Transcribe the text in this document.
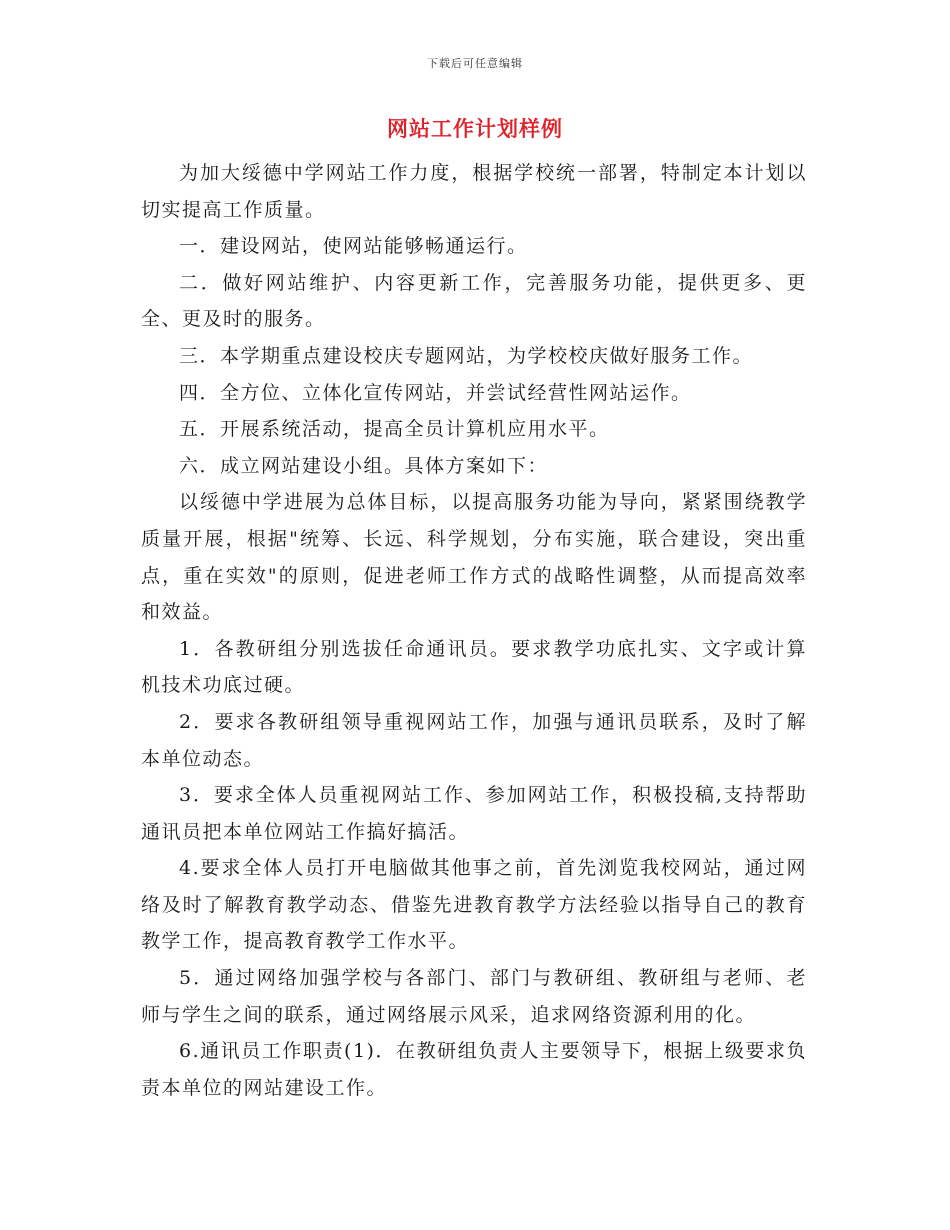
下载后可任意编辑
网站工作计划样例

为加大绥德中学网站工作力度，根据学校统一部署，特制定本计划以切实提高工作质量。

一．建设网站，使网站能够畅通运行。

二．做好网站维护、内容更新工作，完善服务功能，提供更多、更全、更及时的服务。

三．本学期重点建设校庆专题网站，为学校校庆做好服务工作。

四．全方位、立体化宣传网站，并尝试经营性网站运作。

五．开展系统活动，提高全员计算机应用水平。

六．成立网站建设小组。具体方案如下：

以绥德中学进展为总体目标，以提高服务功能为导向，紧紧围绕教学质量开展，根据"统筹、长远、科学规划，分布实施，联合建设，突出重点，重在实效"的原则，促进老师工作方式的战略性调整，从而提高效率和效益。

1．各教研组分别选拔任命通讯员。要求教学功底扎实、文字或计算机技术功底过硬。

2．要求各教研组领导重视网站工作，加强与通讯员联系，及时了解本单位动态。

3．要求全体人员重视网站工作、参加网站工作，积极投稿,支持帮助通讯员把本单位网站工作搞好搞活。

4.要求全体人员打开电脑做其他事之前，首先浏览我校网站，通过网络及时了解教育教学动态、借鉴先进教育教学方法经验以指导自己的教育教学工作，提高教育教学工作水平。

5．通过网络加强学校与各部门、部门与教研组、教研组与老师、老师与学生之间的联系，通过网络展示风采，追求网络资源利用的化。

6.通讯员工作职责(1)．在教研组负责人主要领导下，根据上级要求负责本单位的网站建设工作。
